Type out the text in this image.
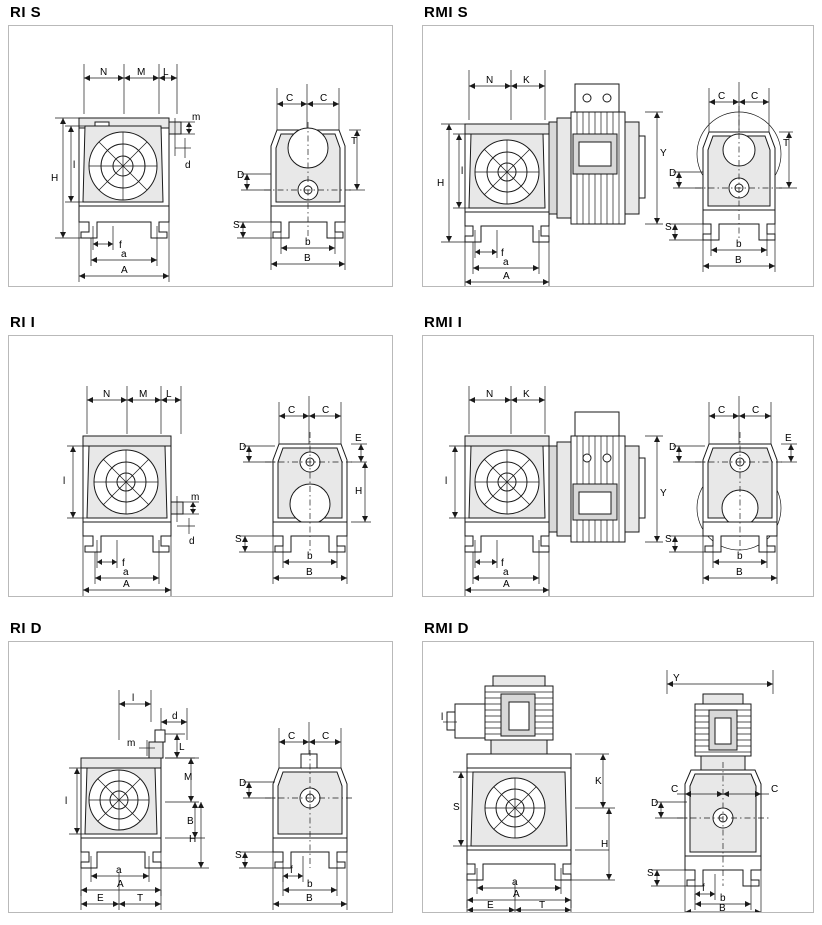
RI S
N	M L
m
d
l
H
f
a
A
C	C
T
D
S
b
B
RMI S
N	K
Y
l
H
f
a
A
C	C
T
D
S
b
B
RI I
N	M L
m
d
l
f
a
A
C	C
E
H
D
S
b
B
RMI I
N	K
Y
l
f
a
A
C	C
E
D
S
b
B
RI D
l
d
m	L
M
B
H
l
a
A
E	T
C	C
D
S
f
b
B
RMI D
l
S
K
H
a
A
E	T
Y
C	C
D
S
f
b
B
